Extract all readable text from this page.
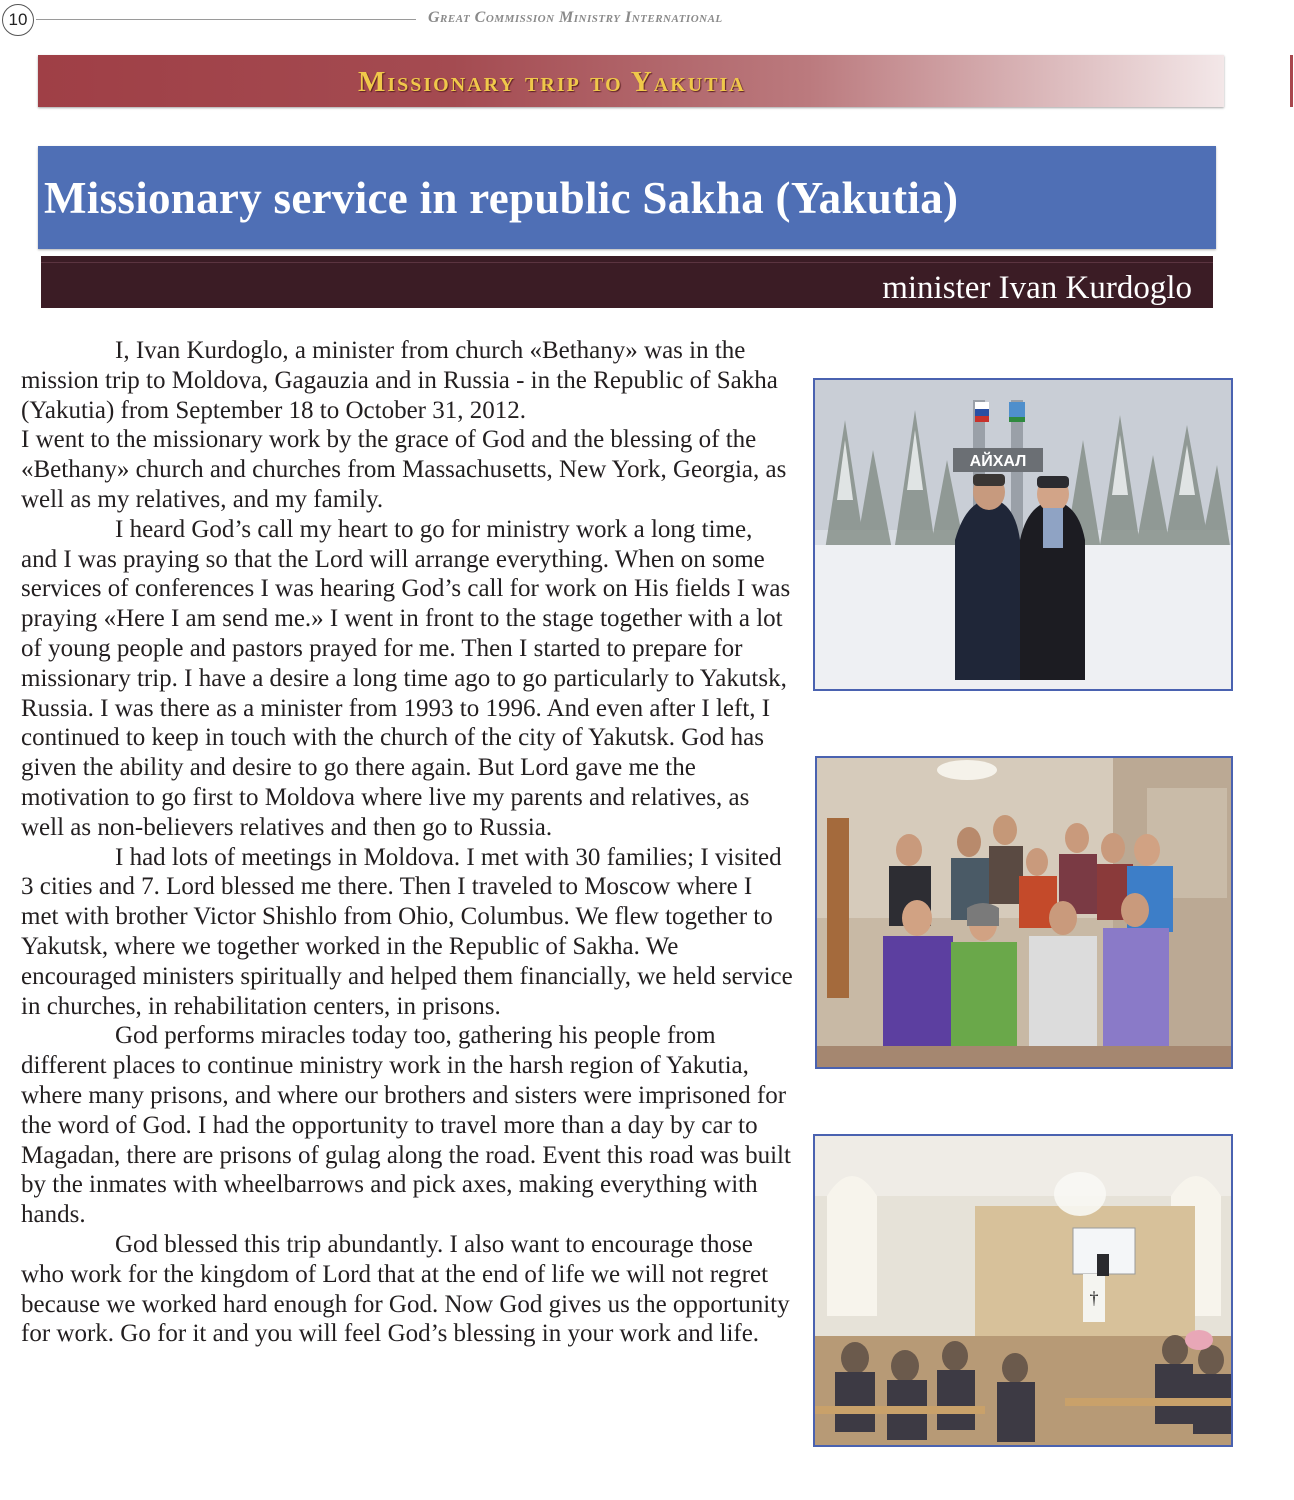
10	Great Commission Ministry International
Missionary trip to Yakutia
Missionary service in republic Sakha (Yakutia)
minister Ivan Kurdoglo

I, Ivan Kurdoglo, a minister from church «Bethany» was in the mission trip to Moldova, Gagauzia and in Russia - in the Republic of Sakha (Yakutia) from September 18 to October 31, 2012.

I went to the missionary work by the grace of God and the blessing of the «Bethany» church and churches from Massachusetts, New York, Georgia, as well as my relatives, and my family.

I heard God’s call my heart to go for ministry work a long time, and I was praying so that the Lord will arrange everything. When on some services of conferences I was hearing God’s call for work on His fields I was praying «Here I am send me.» I went in front to the stage together with a lot of young people and pastors prayed for me. Then I started to prepare for missionary trip. I have a desire a long time ago to go particularly to Yakutsk, Russia. I was there as a minister from 1993 to 1996. And even after I left, I continued to keep in touch with the church of the city of Yakutsk. God has given the ability and desire to go there again. But Lord gave me the motivation to go first to Moldova where live my parents and relatives, as well as non-believers relatives and then go to Russia.

I had lots of meetings in Moldova. I met with 30 families; I visited 3 cities and 7. Lord blessed me there. Then I traveled to Moscow where I met with brother Victor Shishlo from Ohio, Columbus. We flew together to Yakutsk, where we together worked in the Republic of Sakha. We encouraged ministers spiritually and helped them financially, we held service in churches, in rehabilitation centers, in prisons.

God performs miracles today too, gathering his people from different places to continue ministry work in the harsh region of Yakutia, where many prisons, and where our brothers and sisters were imprisoned for the word of God. I had the opportunity to travel more than a day by car to Magadan, there are prisons of gulag along the road. Event this road was built by the inmates with wheelbarrows and pick axes, making everything with hands.

God blessed this trip abundantly. I also want to encourage those who work for the kingdom of Lord that at the end of life we will not regret because we worked hard enough for God. Now God gives us the opportunity for work. Go for it and you will feel God’s blessing in your work and life.

АЙХАЛ
†
